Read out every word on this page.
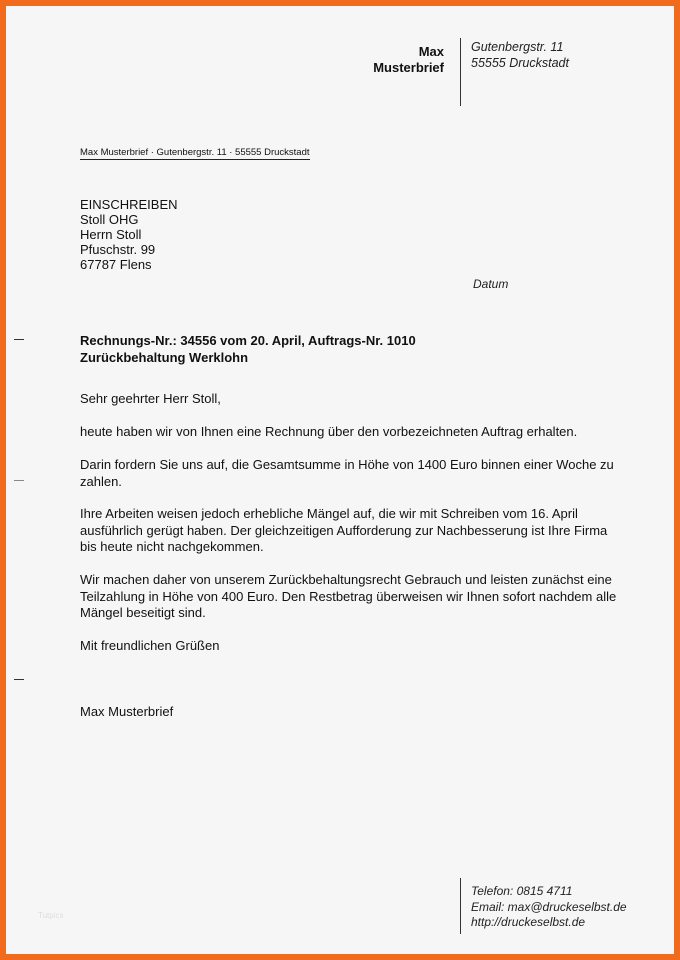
Max
Musterbrief
Gutenbergstr. 11
55555 Druckstadt
Max Musterbrief · Gutenbergstr. 11 · 55555 Druckstadt
EINSCHREIBEN
Stoll OHG
Herrn Stoll
Pfuschstr. 99
67787 Flens
Datum
Rechnungs-Nr.: 34556 vom 20. April, Auftrags-Nr. 1010
Zurückbehaltung Werklohn
Sehr geehrter Herr Stoll,
heute haben wir von Ihnen eine Rechnung über den vorbezeichneten Auftrag erhalten.
Darin fordern Sie uns auf, die Gesamtsumme in Höhe von 1400 Euro binnen einer Woche zu zahlen.
Ihre Arbeiten weisen jedoch erhebliche Mängel auf, die wir mit Schreiben vom 16. April ausführlich gerügt haben. Der gleichzeitigen Aufforderung zur Nachbesserung ist Ihre Firma bis heute nicht nachgekommen.
Wir machen daher von unserem Zurückbehaltungsrecht Gebrauch und leisten zunächst eine Teilzahlung in Höhe von 400 Euro. Den Restbetrag überweisen wir Ihnen sofort nachdem alle Mängel beseitigt sind.
Mit freundlichen Grüßen
Max Musterbrief
Telefon: 0815 4711
Email: max@druckeselbst.de
http://druckeselbst.de
Tutpics
